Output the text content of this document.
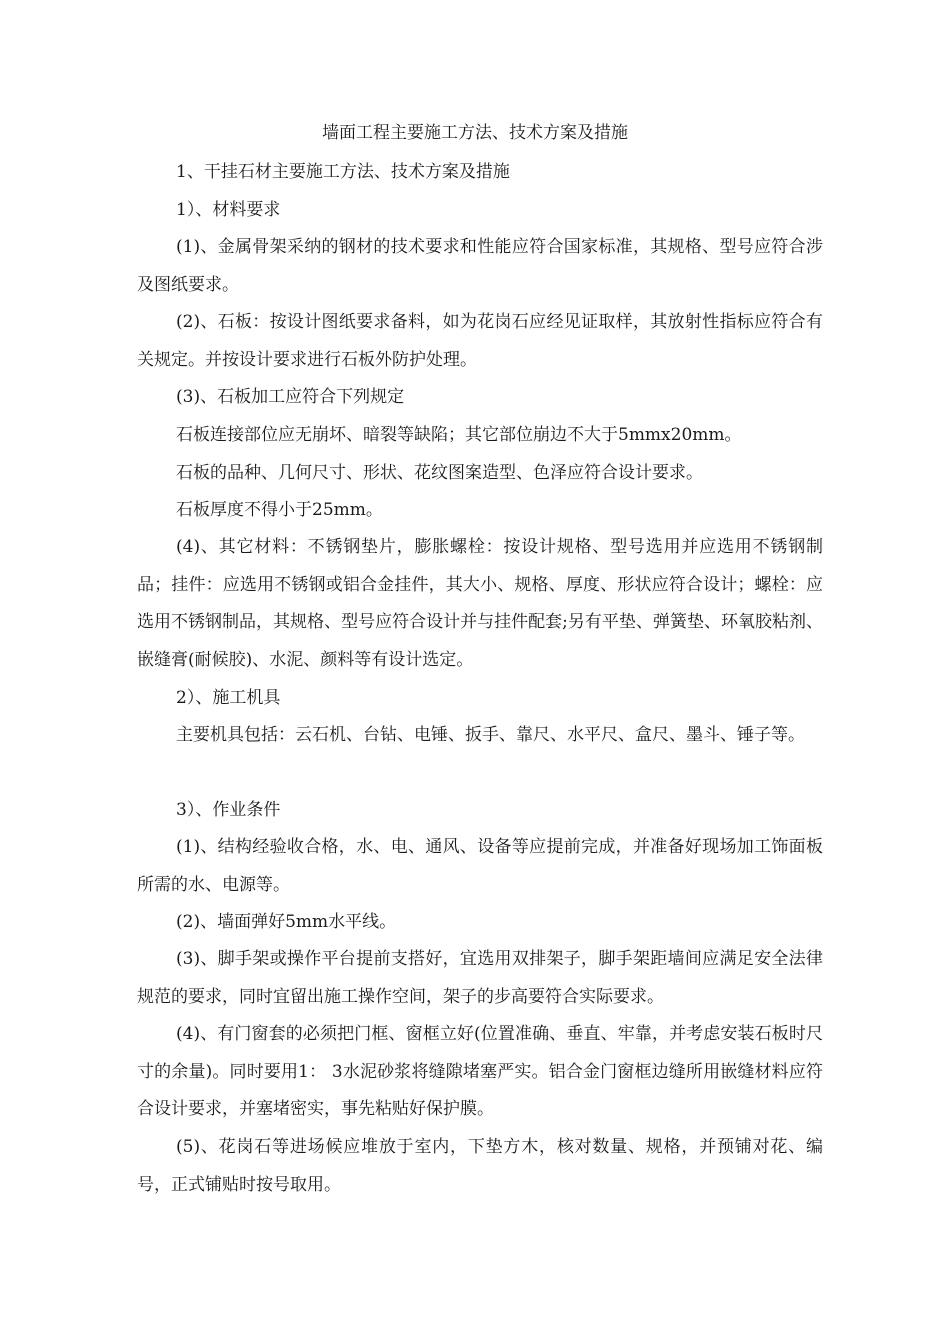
墙面工程主要施工方法、技术方案及措施
1、干挂石材主要施工方法、技术方案及措施
1）、材料要求

(1)、金属骨架采纳的钢材的技术要求和性能应符合国家标准，其规格、型号应符合涉及图纸要求。

(2)、石板：按设计图纸要求备料，如为花岗石应经见证取样，其放射性指标应符合有关规定。并按设计要求进行石板外防护处理。

(3)、石板加工应符合下列规定
石板连接部位应无崩坏、暗裂等缺陷；其它部位崩边不大于5mmx20mm。
石板的品种、几何尺寸、形状、花纹图案造型、色泽应符合设计要求。
石板厚度不得小于25mm。

(4)、其它材料：不锈钢垫片，膨胀螺栓：按设计规格、型号选用并应选用不锈钢制品；挂件：应选用不锈钢或铝合金挂件，其大小、规格、厚度、形状应符合设计；螺栓：应选用不锈钢制品，其规格、型号应符合设计并与挂件配套;另有平垫、弹簧垫、环氧胶粘剂、嵌缝膏(耐候胶)、水泥、颜料等有设计选定。

2）、施工机具

主要机具包括：云石机、台钻、电锤、扳手、靠尺、水平尺、盒尺、墨斗、锤子等。

3）、作业条件

(1)、结构经验收合格，水、电、通风、设备等应提前完成，并准备好现场加工饰面板所需的水、电源等。

(2)、墙面弹好5mm水平线。

(3)、脚手架或操作平台提前支搭好，宜选用双排架子，脚手架距墙间应满足安全法律规范的要求，同时宜留出施工操作空间，架子的步高要符合实际要求。

(4)、有门窗套的必须把门框、窗框立好(位置准确、垂直、牢靠，并考虑安装石板时尺寸的余量)。同时要用1： 3水泥砂浆将缝隙堵塞严实。铝合金门窗框边缝所用嵌缝材料应符合设计要求，并塞堵密实，事先粘贴好保护膜。

(5)、花岗石等进场候应堆放于室内，下垫方木，核对数量、规格，并预铺对花、编号，正式铺贴时按号取用。
